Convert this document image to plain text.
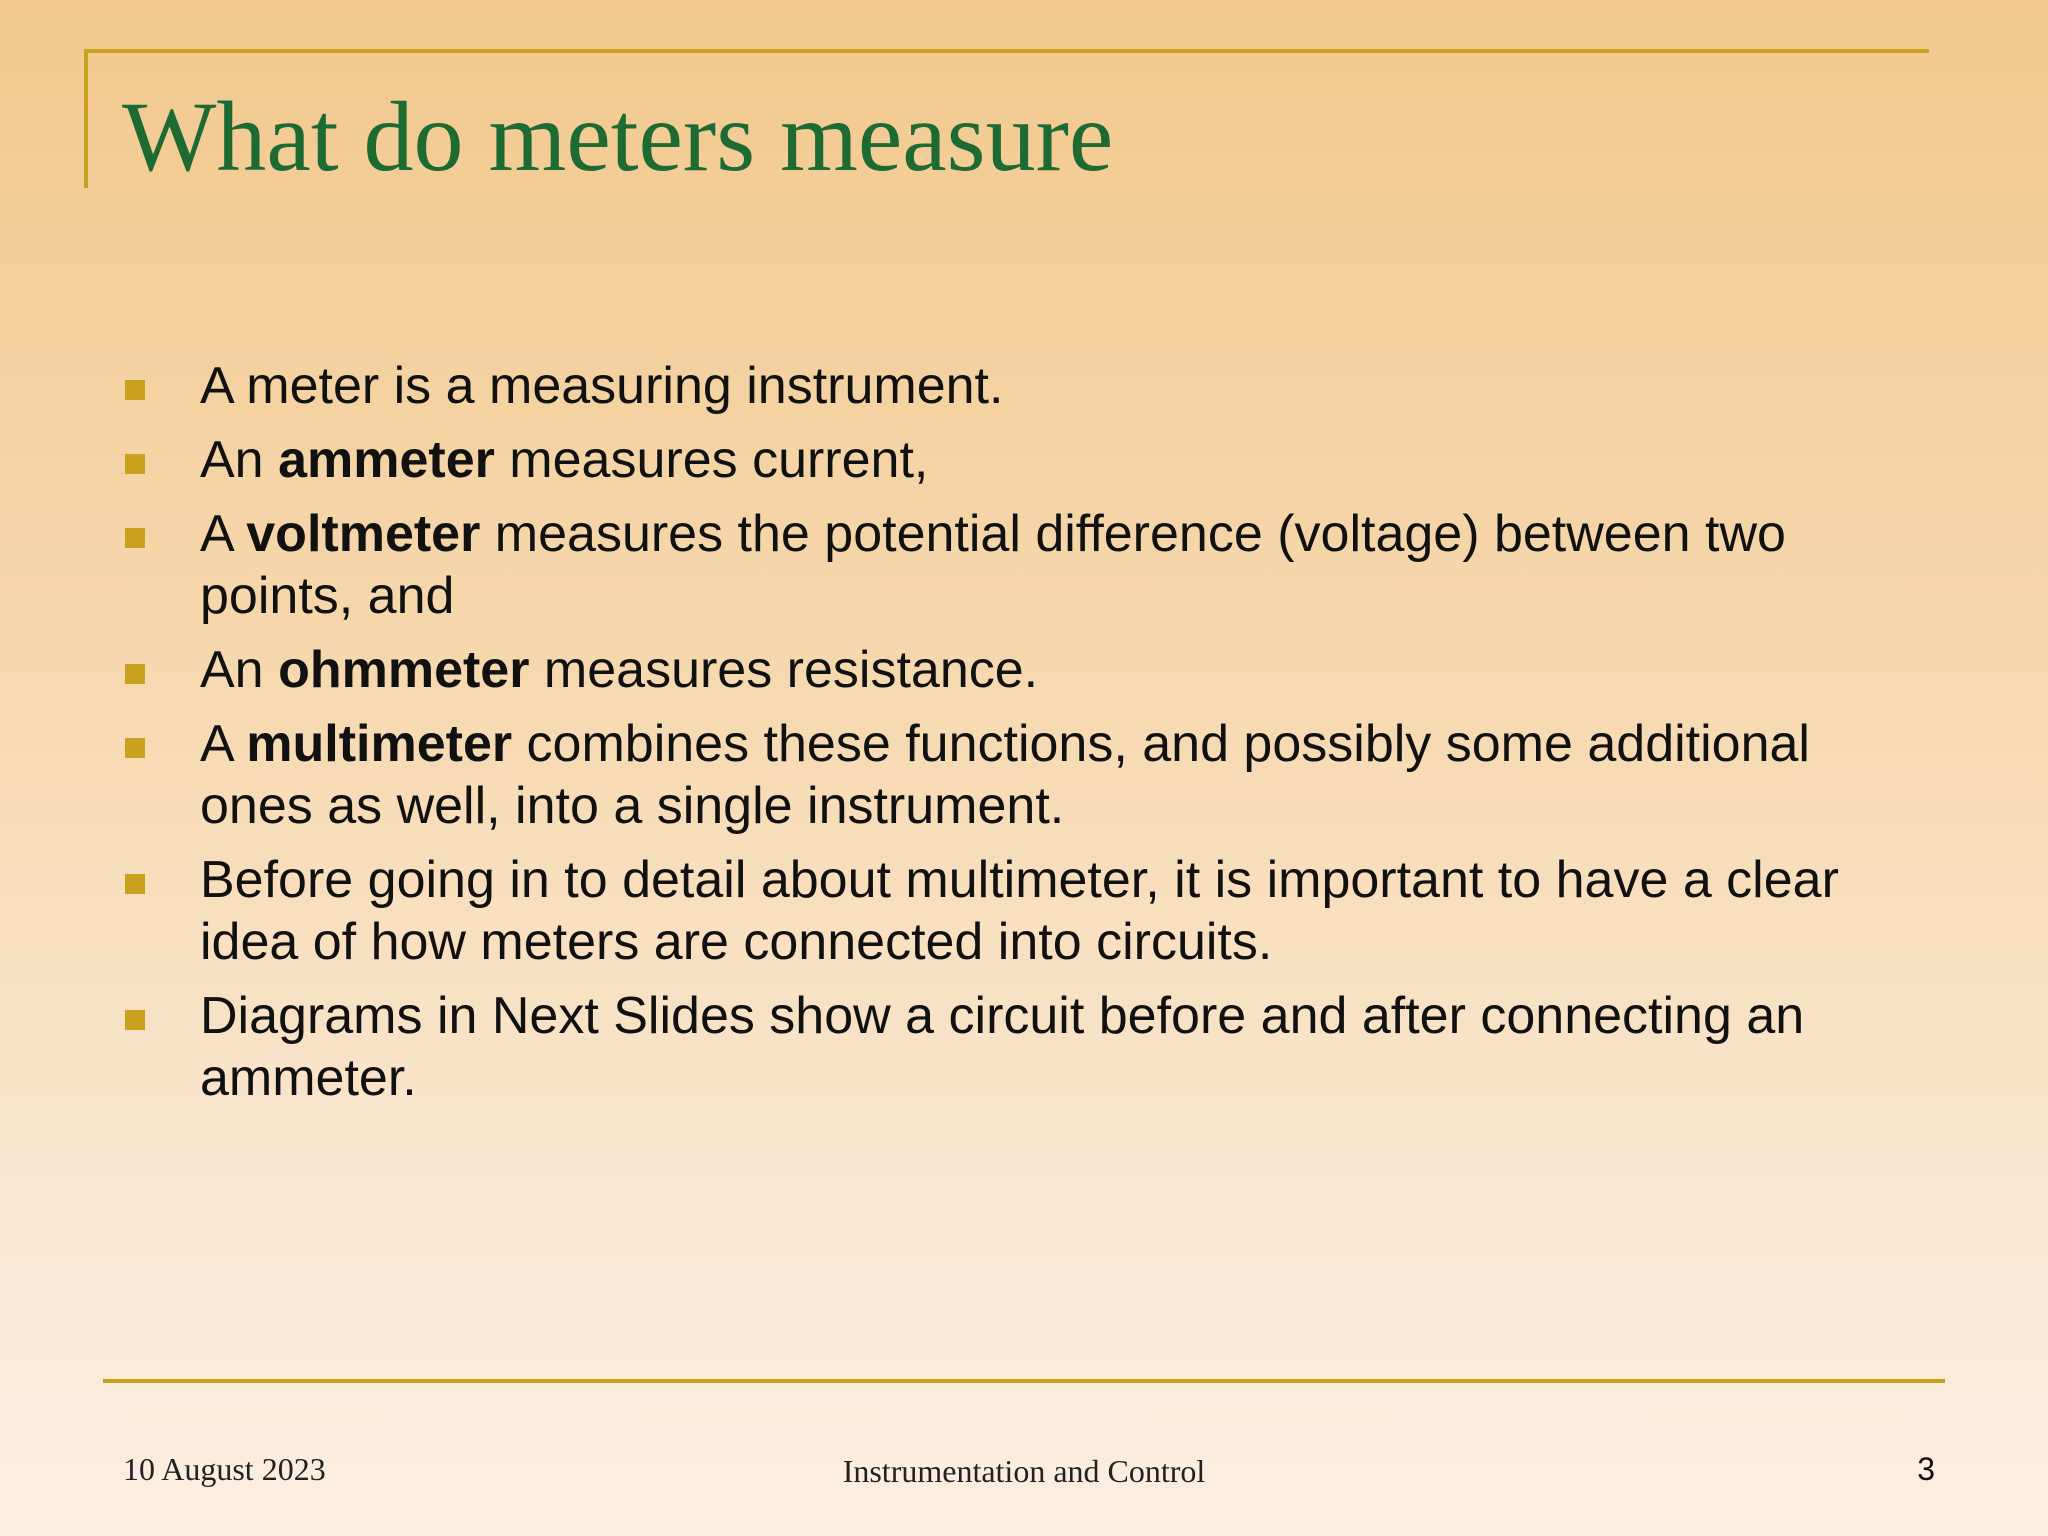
What do meters measure
A meter is a measuring instrument.
An ammeter measures current,
A voltmeter measures the potential difference (voltage) between two points, and
An ohmmeter measures resistance.
A multimeter combines these functions, and possibly some additional ones as well, into a single instrument.
Before going in to detail about multimeter, it is important to have a clear idea of how meters are connected into circuits.
Diagrams in Next Slides show a circuit before and after connecting an ammeter.
10 August 2023	Instrumentation and Control	3
